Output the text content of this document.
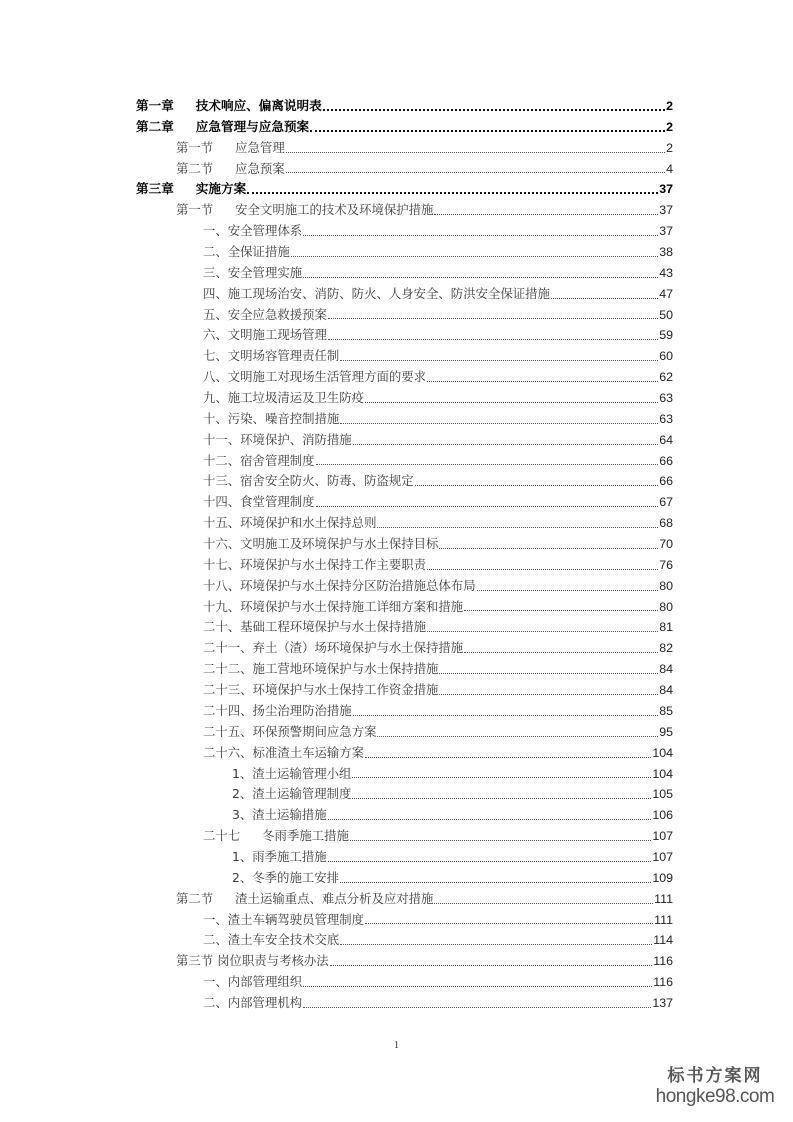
第一章 技术响应、偏离说明表	2
第二章 应急管理与应急预案	2
第一节 应急管理	2
第二节 应急预案	4
第三章 实施方案	37
第一节 安全文明施工的技术及环境保护措施	37
一、安全管理体系	37
二、全保证措施	38
三、安全管理实施	43
四、施工现场治安、消防、防火、人身安全、防洪安全保证措施	47
五、安全应急救援预案	50
六、文明施工现场管理	59
七、文明场容管理责任制	60
八、文明施工对现场生活管理方面的要求	62
九、施工垃圾清运及卫生防疫	63
十、污染、噪音控制措施	63
十一、环境保护、消防措施	64
十二、宿舍管理制度	66
十三、宿舍安全防火、防毒、防盗规定	66
十四、食堂管理制度	67
十五、环境保护和水土保持总则	68
十六、文明施工及环境保护与水土保持目标	70
十七、环境保护与水土保持工作主要职责	76
十八、环境保护与水土保持分区防治措施总体布局	80
十九、环境保护与水土保持施工详细方案和措施	80
二十、基础工程环境保护与水土保持措施	81
二十一、弃土（渣）场环境保护与水土保持措施	82
二十二、施工营地环境保护与水土保持措施	84
二十三、环境保护与水土保持工作资金措施	84
二十四、扬尘治理防治措施	85
二十五、环保预警期间应急方案	95
二十六、标准渣土车运输方案	104
1、渣土运输管理小组	104
2、渣土运输管理制度	105
3、渣土运输措施	106
二十七 冬雨季施工措施	107
1、雨季施工措施	107
2、冬季的施工安排	109
第二节 渣土运输重点、难点分析及应对措施	111
一、渣土车辆驾驶员管理制度	111
二、渣土车安全技术交底	114
第三节 岗位职责与考核办法	116
一、内部管理组织	116
二、内部管理机构	137
1
标书方案网
hongke98.com
